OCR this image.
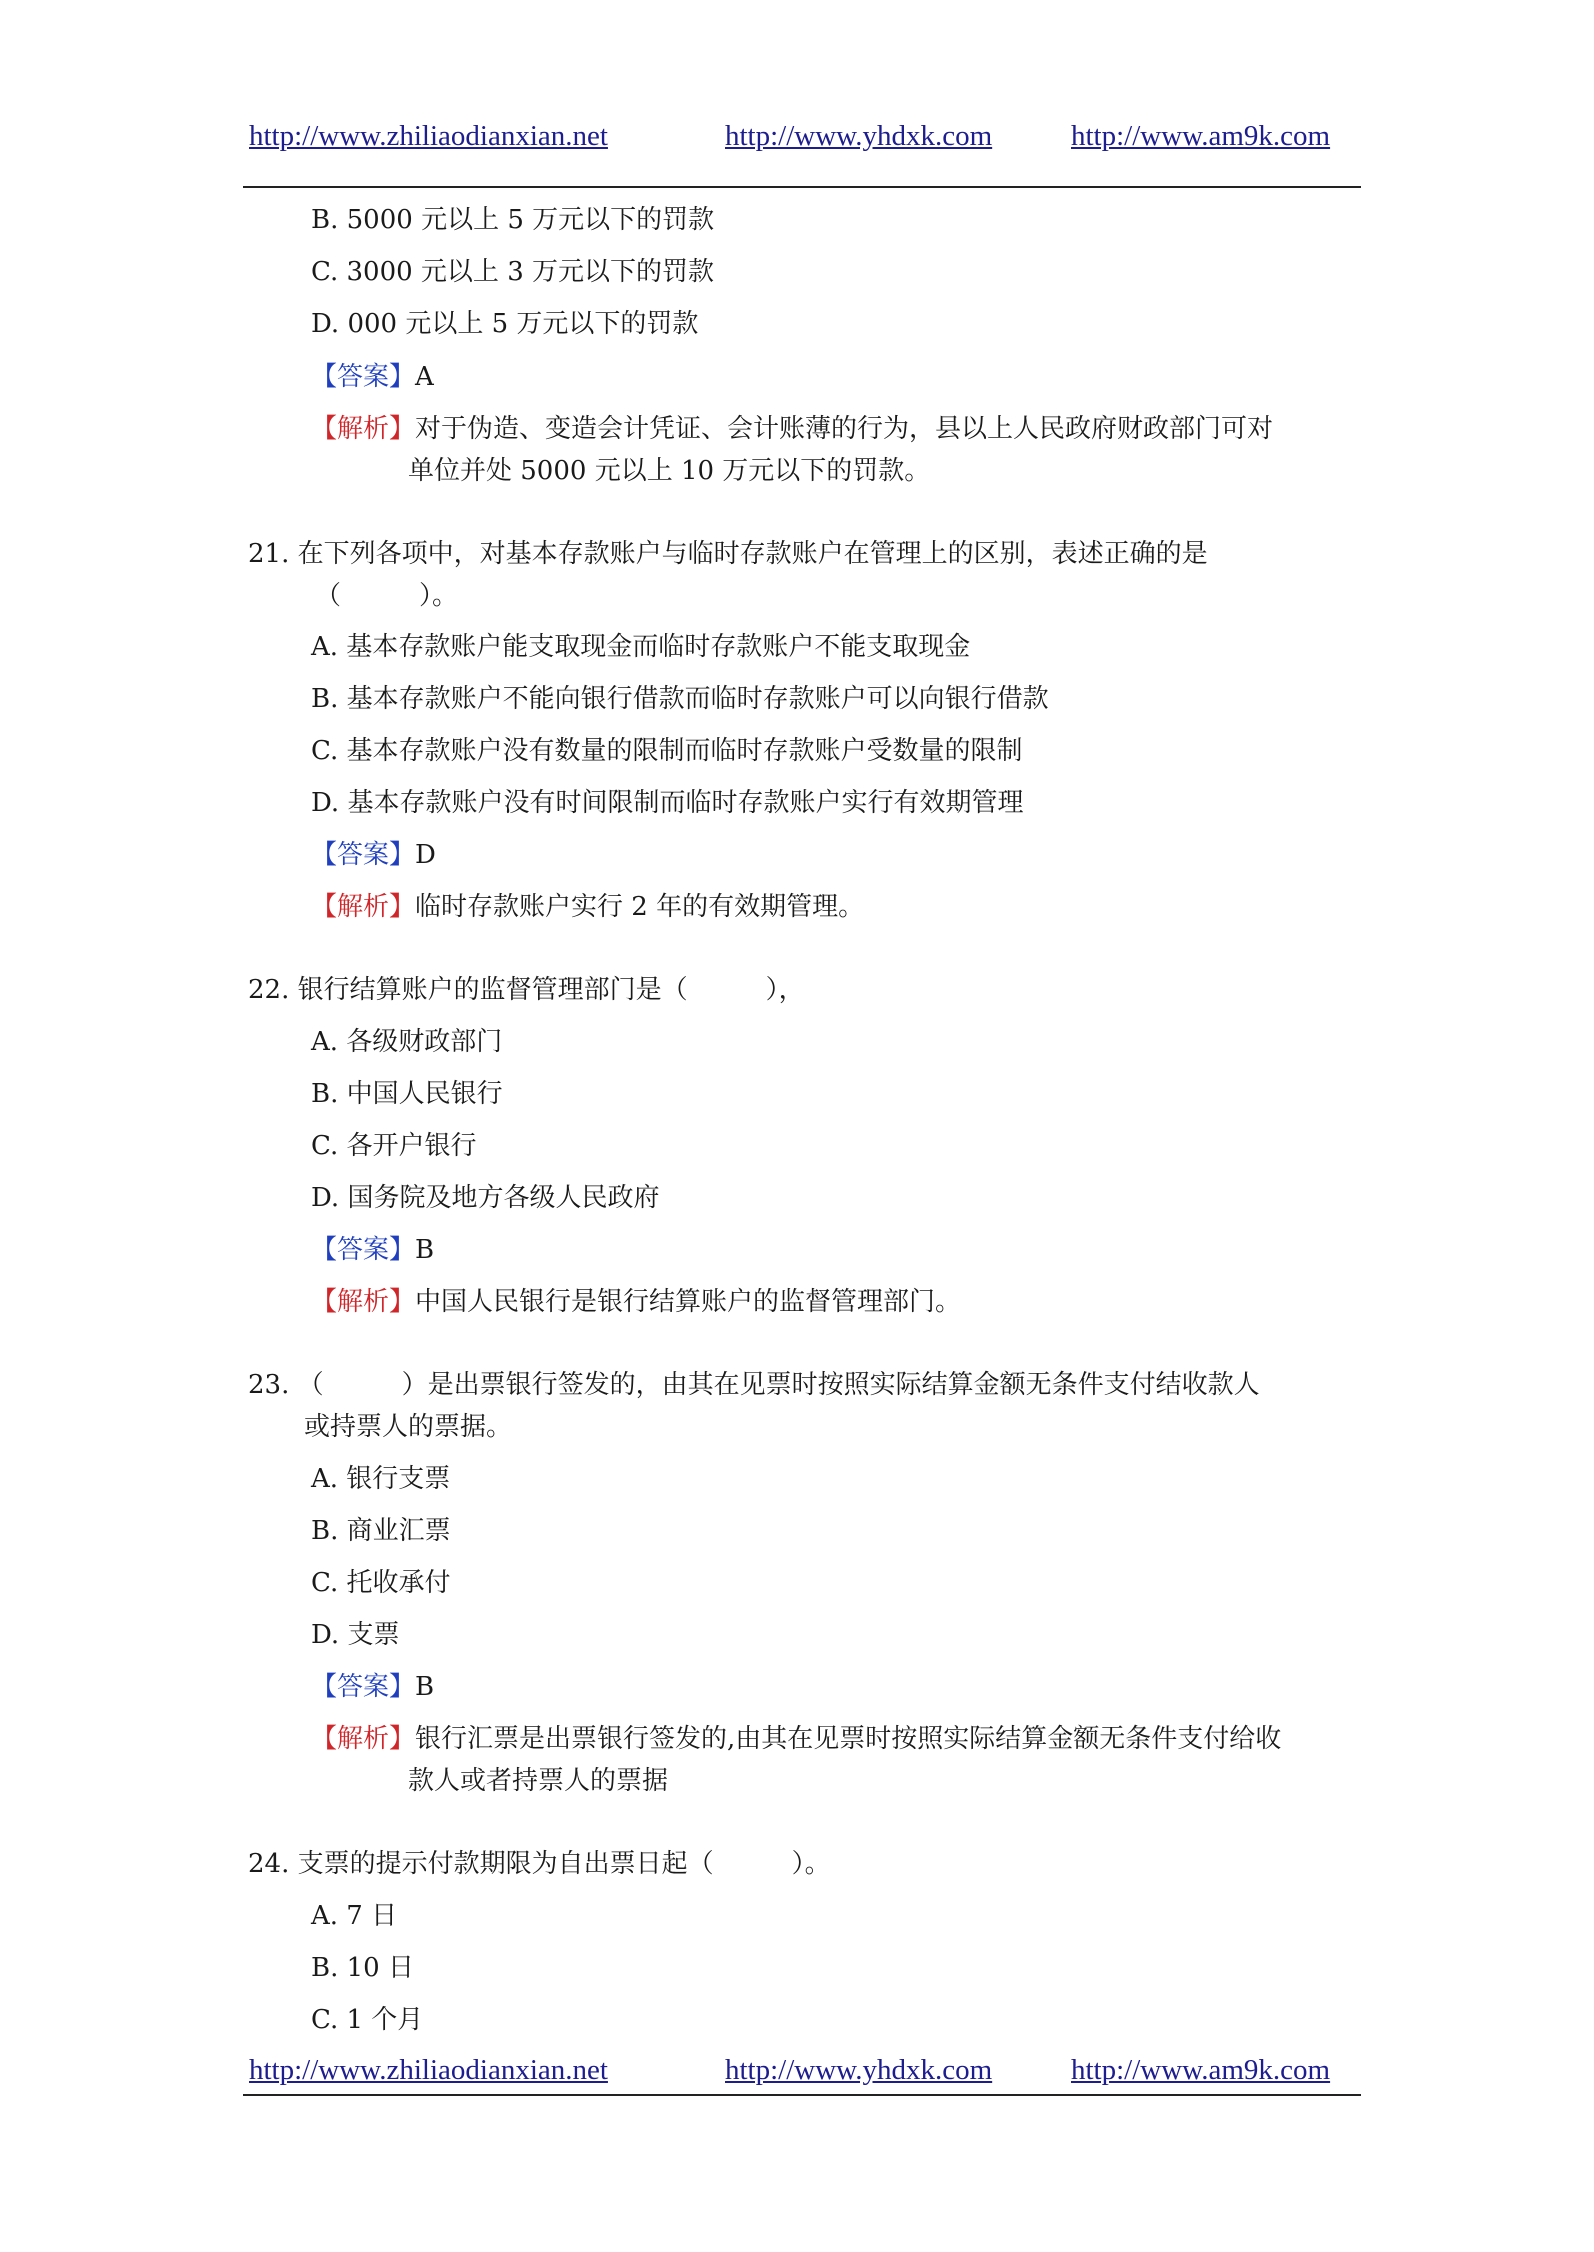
http://www.zhiliaodianxian.net	http://www.yhdxk.com	http://www.am9k.com
B. 5000 元以上 5 万元以下的罚款
C. 3000 元以上 3 万元以下的罚款
D. 000 元以上 5 万元以下的罚款
【答案】A
【解析】对于伪造、变造会计凭证、会计账薄的行为，县以上人民政府财政部门可对
单位并处 5000 元以上 10 万元以下的罚款。
21. 在下列各项中，对基本存款账户与临时存款账户在管理上的区别，表述正确的是
（　　　）。
A. 基本存款账户能支取现金而临时存款账户不能支取现金
B. 基本存款账户不能向银行借款而临时存款账户可以向银行借款
C. 基本存款账户没有数量的限制而临时存款账户受数量的限制
D. 基本存款账户没有时间限制而临时存款账户实行有效期管理
【答案】D
【解析】临时存款账户实行 2 年的有效期管理。
22. 银行结算账户的监督管理部门是（　　　），
A. 各级财政部门
B. 中国人民银行
C. 各开户银行
D. 国务院及地方各级人民政府
【答案】B
【解析】中国人民银行是银行结算账户的监督管理部门。
23. （　　　）是出票银行签发的，由其在见票时按照实际结算金额无条件支付结收款人
或持票人的票据。
A. 银行支票
B. 商业汇票
C. 托收承付
D. 支票
【答案】B
【解析】银行汇票是出票银行签发的,由其在见票时按照实际结算金额无条件支付给收
款人或者持票人的票据
24. 支票的提示付款期限为自出票日起（　　　）。
A. 7 日
B. 10 日
C. 1 个月
http://www.zhiliaodianxian.net	http://www.yhdxk.com	http://www.am9k.com
